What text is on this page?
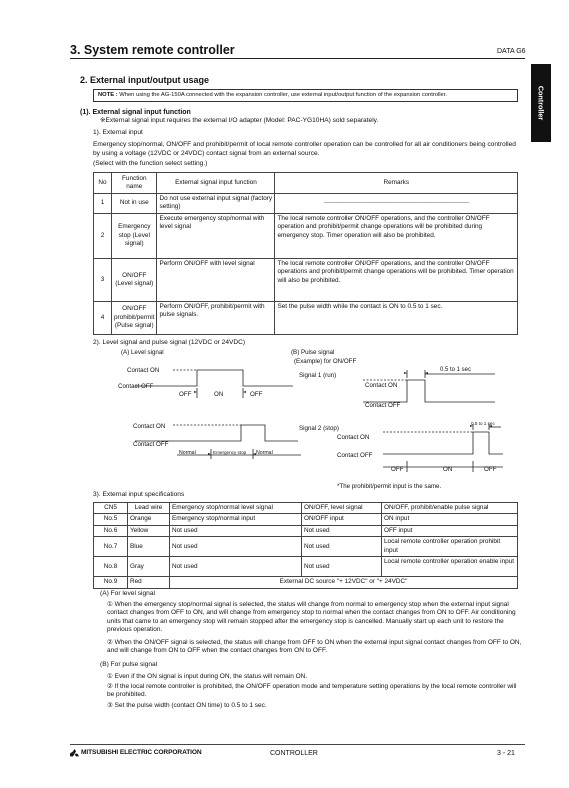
3. System remote controller	DATA G6
Controller
2. External input/output usage
NOTE : When using the AG-150A connected with the expansion controller, use external input/output function of the expansion controller.
(1). External signal input function
※External signal input requires the external I/O adapter (Model: PAC-YG10HA) sold separately.
1). External input
Emergency stop/normal, ON/OFF and prohibit/permit of local remote controller operation can be controlled for all air conditioners being controlled by using a voltage (12VDC or 24VDC) contact signal from an external source.
(Select with the function select setting.)
No	Function name	External signal input function	Remarks
1	Not in use	Do not use external input signal (factory setting)	—————————————————————————
2	Emergency stop (Level signal)	Execute emergency stop/normal with level signal	The local remote controller ON/OFF operations, and the controller ON/OFF operation and prohibit/permit change operations will be prohibited during emergency stop. Timer operation will also be prohibited.
3	ON/OFF (Level signal)	Perform ON/OFF with level signal	The local remote controller ON/OFF operations, and the controller ON/OFF operations and prohibit/permit change operations will be prohibited. Timer operation will also be prohibited.
4	ON/OFF prohibit/permit (Pulse signal)	Perform ON/OFF, prohibit/permit with pulse signals.	Set the pulse width while the contact is ON to 0.5 to 1 sec.
2). Level signal and pulse signal (12VDC or 24VDC)
(A) Level signal
Contact ON
Contact OFF
OFF	ON	OFF
Contact ON
Contact OFF
Normal	Emergency stop Normal
(B) Pulse signal
(Example) for ON/OFF
Signal 1 (run)
0.5 to 1 sec
Contact ON
Contact OFF
Signal 2 (stop)
0.5 to 1 sec
Contact ON
Contact OFF
OFF	ON	OFF
*The prohibit/permit input is the same.
3). External input specifications
CN5	Lead wire	Emergency stop/normal level signal	ON/OFF, level signal	ON/OFF, prohibit/enable pulse signal
No.5	Orange	Emergency stop/normal input	ON/OFF input	ON input
No.6	Yellow	Not used	Not used	OFF input
No.7	Blue	Not used	Not used	Local remote controller operation prohibit input
No.8	Gray	Not used	Not used	Local remote controller operation enable input
No.9	Red	External DC source "+ 12VDC" or "+ 24VDC"		
(A) For level signal
① When the emergency stop/normal signal is selected, the status will change from normal to emergency stop when the external input signal contact changes from OFF to ON, and will change from emergency stop to normal when the contact changes from ON to OFF. Air conditioning units that came to an emergency stop will remain stopped after the emergency stop is cancelled. Manually start up each unit to restore the previous operation.
② When the ON/OFF signal is selected, the status will change from OFF to ON when the external input signal contact changes from OFF to ON, and will change from ON to OFF when the contact changes from ON to OFF.
(B) For pulse signal
① Even if the ON signal is input during ON, the status will remain ON.
② If the local remote controller is prohibited, the ON/OFF operation mode and temperature setting operations by the local remote controller will be prohibited.
③ Set the pulse width (contact ON time) to 0.5 to 1 sec.
MITSUBISHI ELECTRIC CORPORATION	CONTROLLER	3 - 21
